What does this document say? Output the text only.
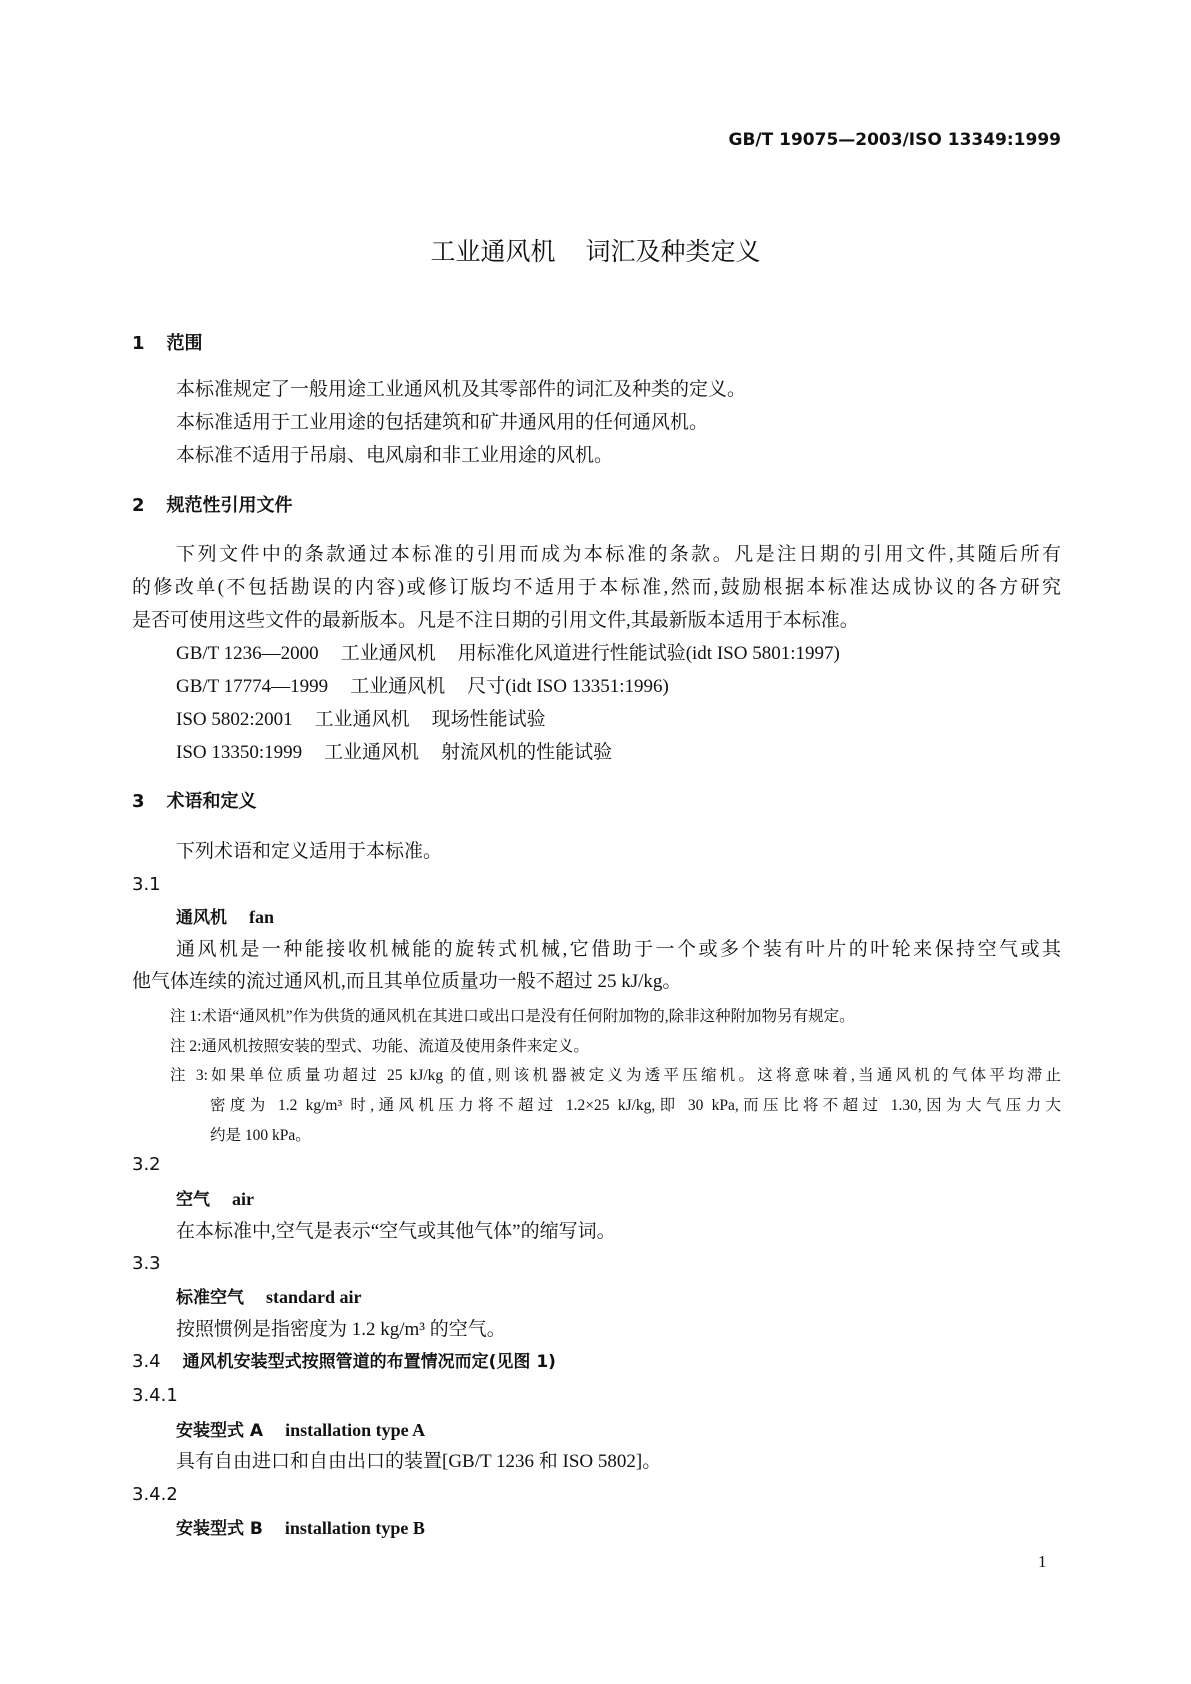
GB/T 19075—2003/ISO 13349:1999
工业通风机 词汇及种类定义
1 范围
本标准规定了一般用途工业通风机及其零部件的词汇及种类的定义。
本标准适用于工业用途的包括建筑和矿井通风用的任何通风机。
本标准不适用于吊扇、电风扇和非工业用途的风机。
2 规范性引用文件
下列文件中的条款通过本标准的引用而成为本标准的条款。凡是注日期的引用文件,其随后所有
的修改单(不包括勘误的内容)或修订版均不适用于本标准,然而,鼓励根据本标准达成协议的各方研究
是否可使用这些文件的最新版本。凡是不注日期的引用文件,其最新版本适用于本标准。
GB/T 1236—2000 工业通风机 用标准化风道进行性能试验(idt ISO 5801:1997)
GB/T 17774—1999 工业通风机 尺寸(idt ISO 13351:1996)
ISO 5802:2001 工业通风机 现场性能试验
ISO 13350:1999 工业通风机 射流风机的性能试验
3 术语和定义
下列术语和定义适用于本标准。
3.1
通风机 fan
通风机是一种能接收机械能的旋转式机械,它借助于一个或多个装有叶片的叶轮来保持空气或其
他气体连续的流过通风机,而且其单位质量功一般不超过 25 kJ/kg。
注 1:术语“通风机”作为供货的通风机在其进口或出口是没有任何附加物的,除非这种附加物另有规定。
注 2:通风机按照安装的型式、功能、流道及使用条件来定义。
注 3:如果单位质量功超过 25 kJ/kg 的值,则该机器被定义为透平压缩机。这将意味着,当通风机的气体平均滞止
密度为 1.2 kg/m³ 时,通风机压力将不超过 1.2×25 kJ/kg,即 30 kPa,而压比将不超过 1.30,因为大气压力大
约是 100 kPa。
3.2
空气 air
在本标准中,空气是表示“空气或其他气体”的缩写词。
3.3
标准空气 standard air
按照惯例是指密度为 1.2 kg/m³ 的空气。
3.4 通风机安装型式按照管道的布置情况而定(见图 1)
3.4.1
安装型式 A installation type A
具有自由进口和自由出口的装置[GB/T 1236 和 ISO 5802]。
3.4.2
安装型式 B installation type B
1
